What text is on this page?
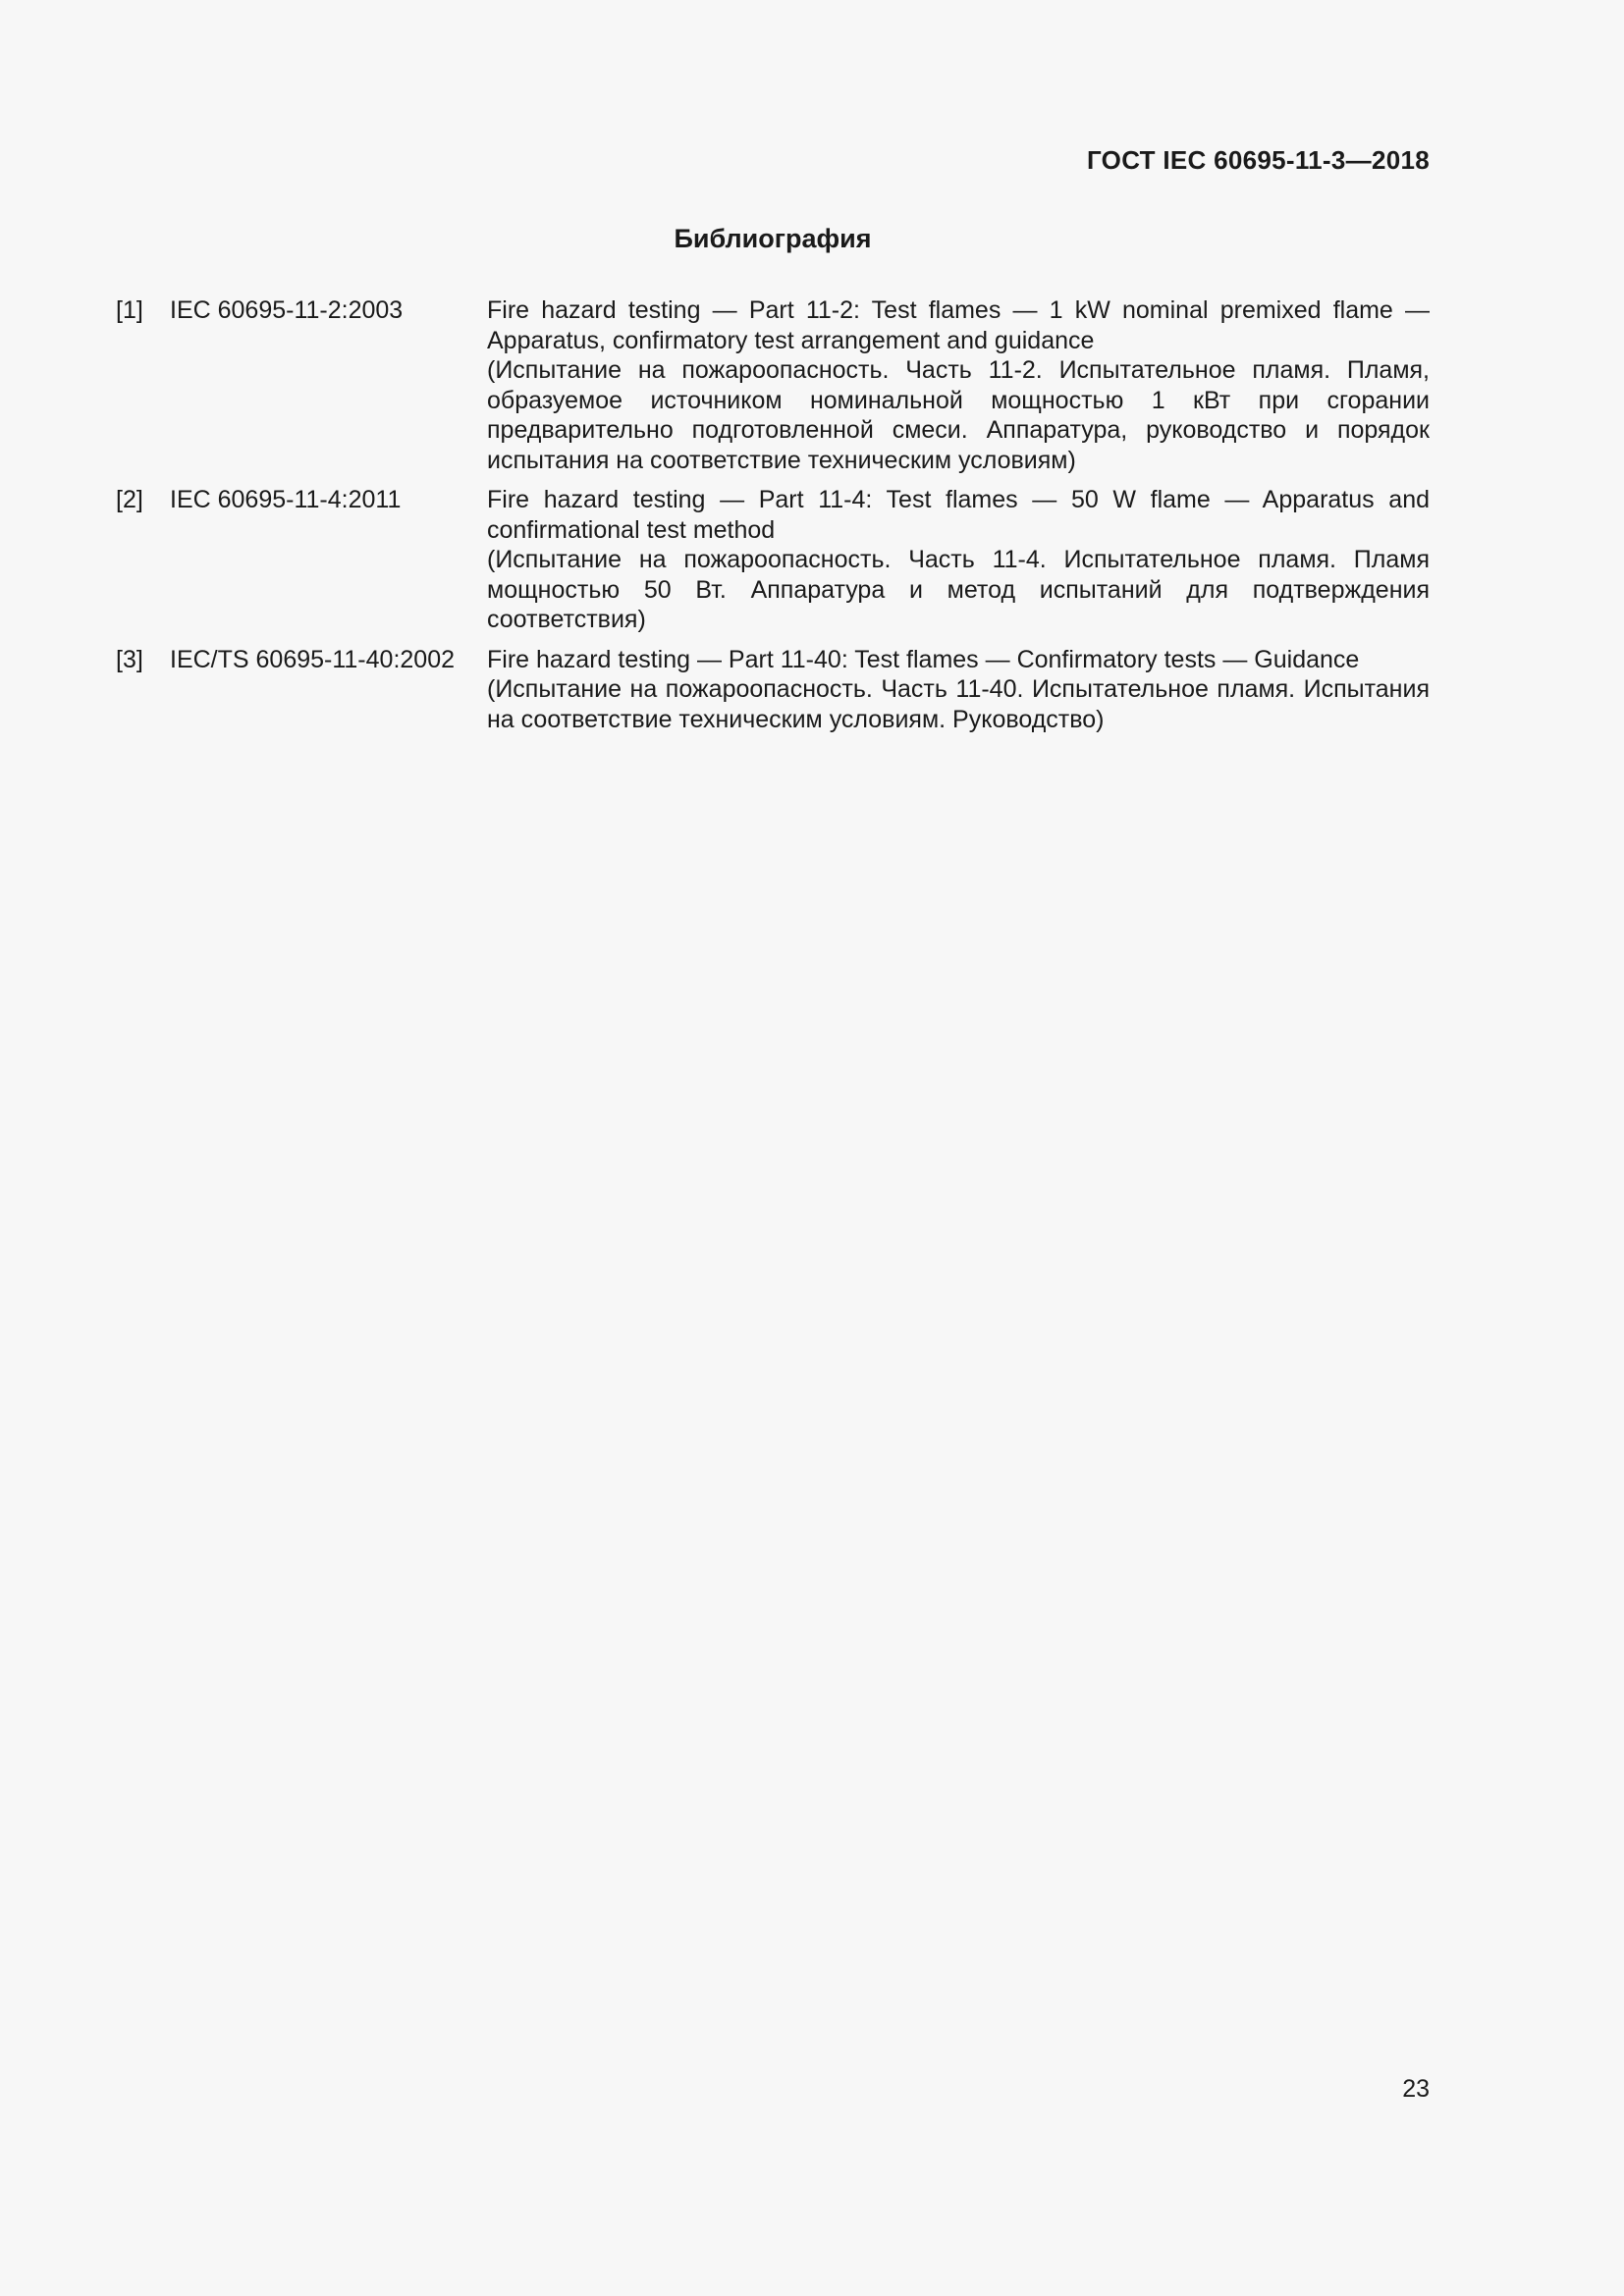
ГОСТ IEC 60695-11-3—2018
Библиография
[1]	IEC 60695-11-2:2003	Fire hazard testing — Part 11-2: Test flames — 1 kW nominal premixed flame — Apparatus, confirmatory test arrangement and guidance
(Испытание на пожароопасность. Часть 11-2. Испытательное пламя. Пламя, образуемое источником номинальной мощностью 1 кВт при сгорании предварительно подготовленной смеси. Аппаратура, руководство и порядок испытания на соответствие техническим условиям)
[2]	IEC 60695-11-4:2011	Fire hazard testing — Part 11-4: Test flames — 50 W flame — Apparatus and confirmational test method
(Испытание на пожароопасность. Часть 11-4. Испытательное пламя. Пламя мощностью 50 Вт. Аппаратура и метод испытаний для подтверждения соответствия)
[3]	IEC/TS 60695-11-40:2002	Fire hazard testing — Part 11-40: Test flames — Confirmatory tests — Guidance
(Испытание на пожароопасность. Часть 11-40. Испытательное пламя. Испытания на соответствие техническим условиям. Руководство)
23
